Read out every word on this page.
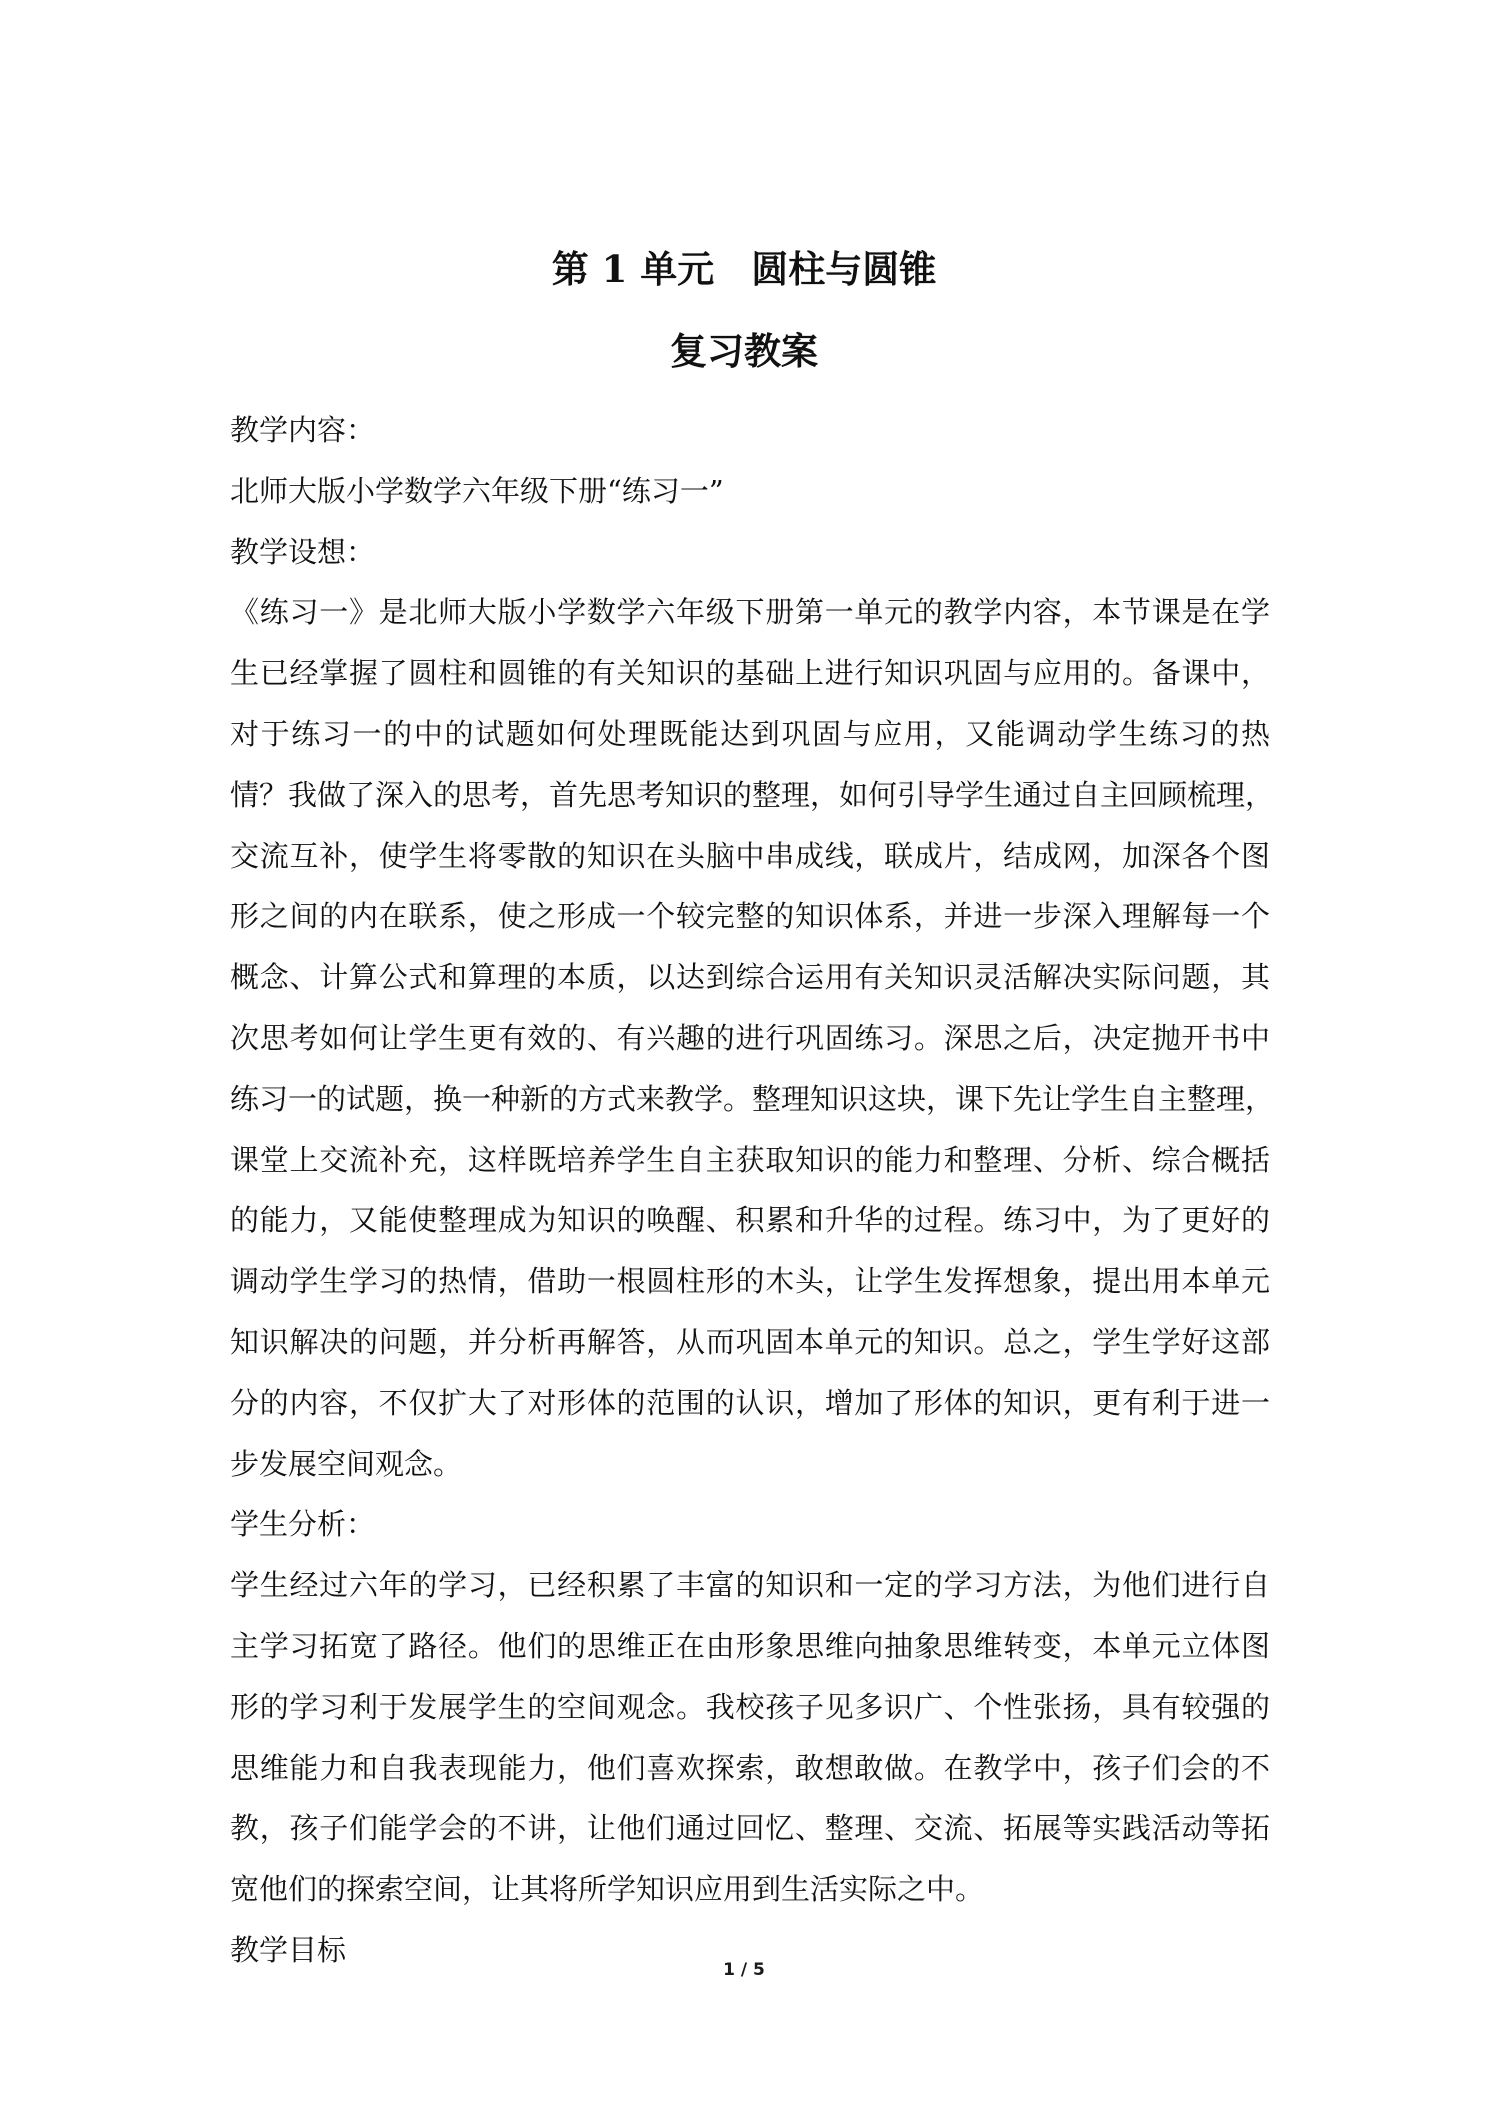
第 1 单元　圆柱与圆锥
复习教案
教学内容：
北师大版小学数学六年级下册“练习一”
教学设想：
《练习一》是北师大版小学数学六年级下册第一单元的教学内容，本节课是在学
生已经掌握了圆柱和圆锥的有关知识的基础上进行知识巩固与应用的。备课中，
对于练习一的中的试题如何处理既能达到巩固与应用，又能调动学生练习的热
情？我做了深入的思考，首先思考知识的整理，如何引导学生通过自主回顾梳理，
交流互补，使学生将零散的知识在头脑中串成线，联成片，结成网，加深各个图
形之间的内在联系，使之形成一个较完整的知识体系，并进一步深入理解每一个
概念、计算公式和算理的本质，以达到综合运用有关知识灵活解决实际问题，其
次思考如何让学生更有效的、有兴趣的进行巩固练习。深思之后，决定抛开书中
练习一的试题，换一种新的方式来教学。整理知识这块，课下先让学生自主整理，
课堂上交流补充，这样既培养学生自主获取知识的能力和整理、分析、综合概括
的能力，又能使整理成为知识的唤醒、积累和升华的过程。练习中，为了更好的
调动学生学习的热情，借助一根圆柱形的木头，让学生发挥想象，提出用本单元
知识解决的问题，并分析再解答，从而巩固本单元的知识。总之，学生学好这部
分的内容，不仅扩大了对形体的范围的认识，增加了形体的知识，更有利于进一
步发展空间观念。
学生分析：
学生经过六年的学习，已经积累了丰富的知识和一定的学习方法，为他们进行自
主学习拓宽了路径。他们的思维正在由形象思维向抽象思维转变，本单元立体图
形的学习利于发展学生的空间观念。我校孩子见多识广、个性张扬，具有较强的
思维能力和自我表现能力，他们喜欢探索，敢想敢做。在教学中，孩子们会的不
教，孩子们能学会的不讲，让他们通过回忆、整理、交流、拓展等实践活动等拓
宽他们的探索空间，让其将所学知识应用到生活实际之中。
教学目标
1 / 5
